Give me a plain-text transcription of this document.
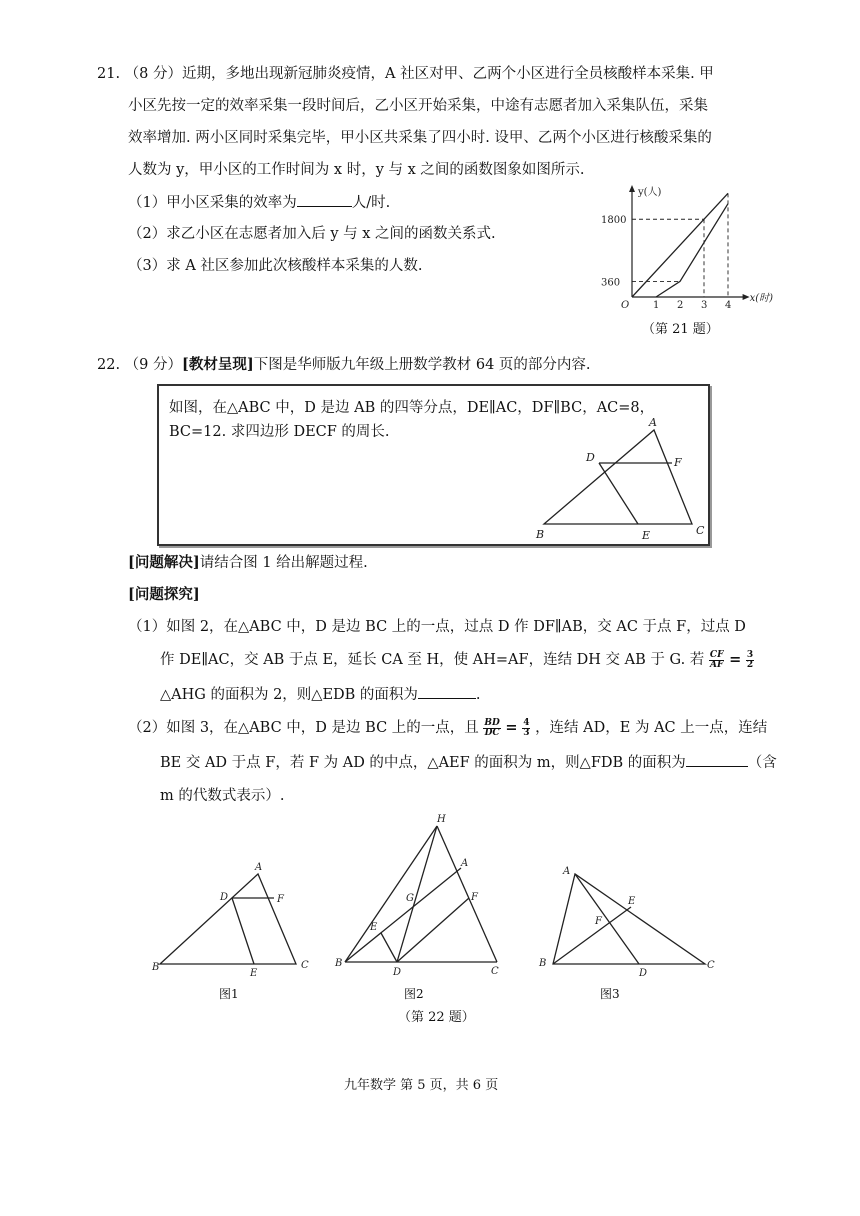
21. （8 分）近期，多地出现新冠肺炎疫情，A 社区对甲、乙两个小区进行全员核酸样本采集. 甲
小区先按一定的效率采集一段时间后，乙小区开始采集，中途有志愿者加入采集队伍，采集
效率增加. 两小区同时采集完毕，甲小区共采集了四小时. 设甲、乙两个小区进行核酸采集的
人数为 y，甲小区的工作时间为 x 时，y 与 x 之间的函数图象如图所示.
（1）甲小区采集的效率为	人/时.
（2）求乙小区在志愿者加入后 y 与 x 之间的函数关系式.
（3）求 A 社区参加此次核酸样本采集的人数.
y(人)
x(时)
O 1 2 3 4
360
1800
（第 21 题）
22. （9 分）[教材呈现]下图是华师版九年级上册数学教材 64 页的部分内容.
如图，在△ABC 中，D 是边 AB 的四等分点，DE∥AC，DF∥BC，AC=8，
BC=12. 求四边形 DECF 的周长.
A
D	F
B	E	C
[问题解决]请结合图 1 给出解题过程.
[问题探究]
（1）如图 2，在△ABC 中，D 是边 BC 上的一点，过点 D 作 DF∥AB，交 AC 于点 F，过点 D
作 DE∥AC，交 AB 于点 E，延长 CA 至 H，使 AH=AF，连结 DH 交 AB 于 G. 若 $\frac{CF}{AF} = \frac{3}{2}$
△AHG 的面积为 2，则△EDB 的面积为	.
（2）如图 3，在△ABC 中，D 是边 BC 上的一点，且 $\frac{BD}{DC} = \frac{4}{3}$ ，连结 AD，E 为 AC 上一点，连结
BE 交 AD 于点 F，若 F 为 AD 的中点，△AEF 的面积为 m，则△FDB 的面积为	（含
m 的代数式表示）.
A
D	F
B
E
C
图1
H
A
G	F
E
B
D	C
图2
A
E
F
B
D
C
图3
（第 22 题）
九年数学 第 5 页，共 6 页
